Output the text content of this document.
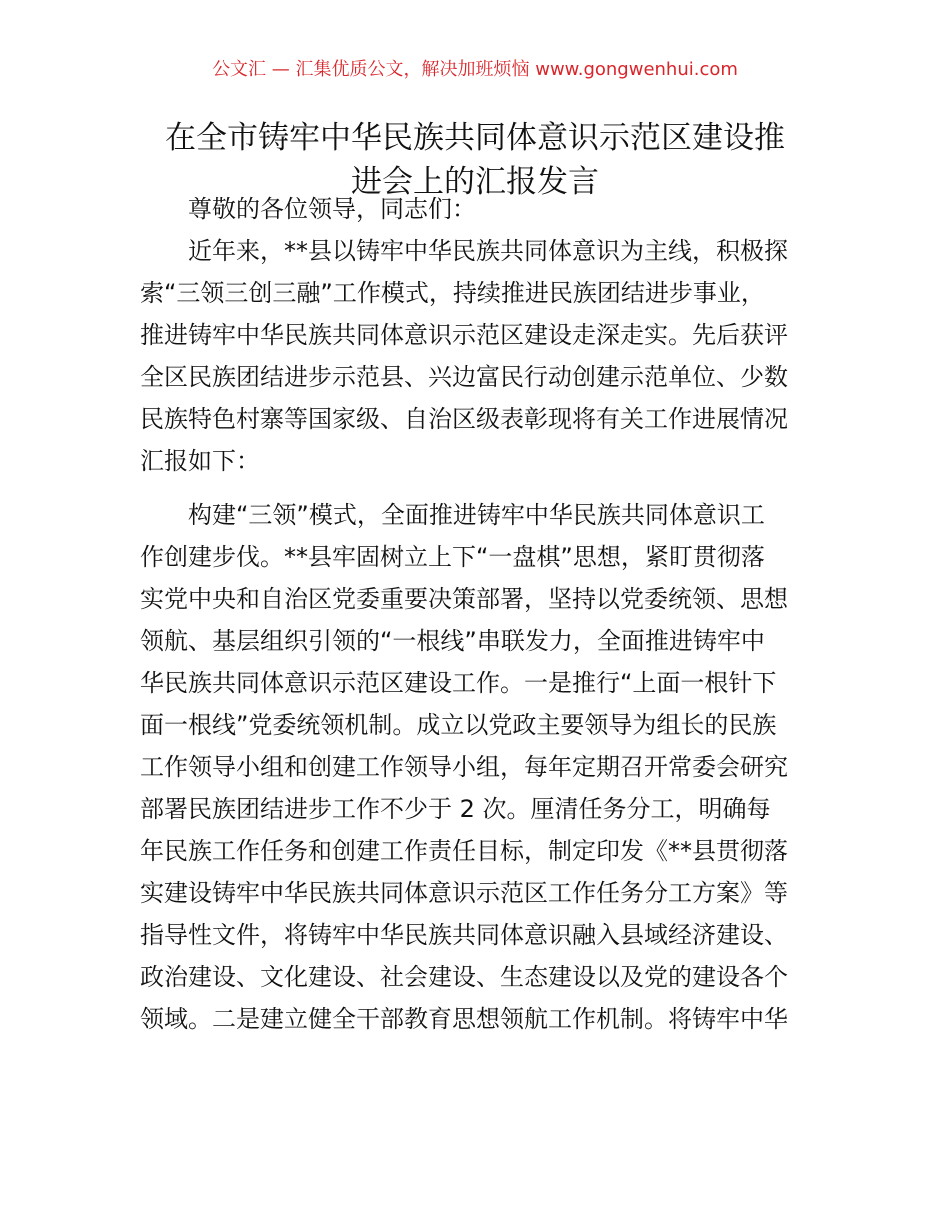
公文汇 — 汇集优质公文，解决加班烦恼 www.gongwenhui.com
在全市铸牢中华民族共同体意识示范区建设推
进会上的汇报发言
尊敬的各位领导，同志们：
近年来，**县以铸牢中华民族共同体意识为主线，积极探
索“三领三创三融”工作模式，持续推进民族团结进步事业，
推进铸牢中华民族共同体意识示范区建设走深走实。先后获评
全区民族团结进步示范县、兴边富民行动创建示范单位、少数
民族特色村寨等国家级、自治区级表彰现将有关工作进展情况
汇报如下：
构建“三领”模式，全面推进铸牢中华民族共同体意识工
作创建步伐。**县牢固树立上下“一盘棋”思想，紧盯贯彻落
实党中央和自治区党委重要决策部署，坚持以党委统领、思想
领航、基层组织引领的“一根线”串联发力，全面推进铸牢中
华民族共同体意识示范区建设工作。一是推行“上面一根针下
面一根线”党委统领机制。成立以党政主要领导为组长的民族
工作领导小组和创建工作领导小组，每年定期召开常委会研究
部署民族团结进步工作不少于 2 次。厘清任务分工，明确每
年民族工作任务和创建工作责任目标，制定印发《**县贯彻落
实建设铸牢中华民族共同体意识示范区工作任务分工方案》等
指导性文件，将铸牢中华民族共同体意识融入县域经济建设、
政治建设、文化建设、社会建设、生态建设以及党的建设各个
领域。二是建立健全干部教育思想领航工作机制。将铸牢中华
